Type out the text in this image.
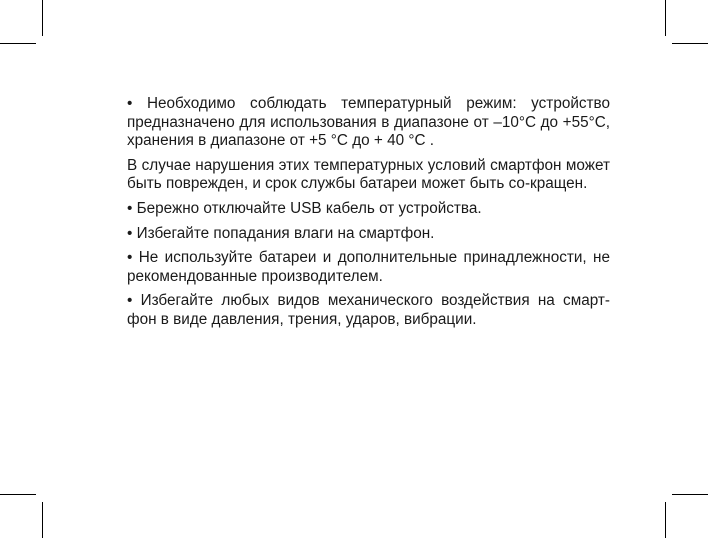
• Необходимо соблюдать температурный режим: устройство предназначено для использования в диапазоне от –10°С до +55°С, хранения в диапазоне от +5 °С до + 40 °С .

В случае нарушения этих температурных условий смартфон может быть поврежден, и срок службы батареи может быть со-кращен.

• Бережно отключайте USB кабель от устройства.

• Избегайте попадания влаги на смартфон.

• Не используйте батареи и дополнительные принадлежности, не рекомендованные производителем.

• Избегайте любых видов механического воздействия на смарт-фон в виде давления, трения, ударов, вибрации.
